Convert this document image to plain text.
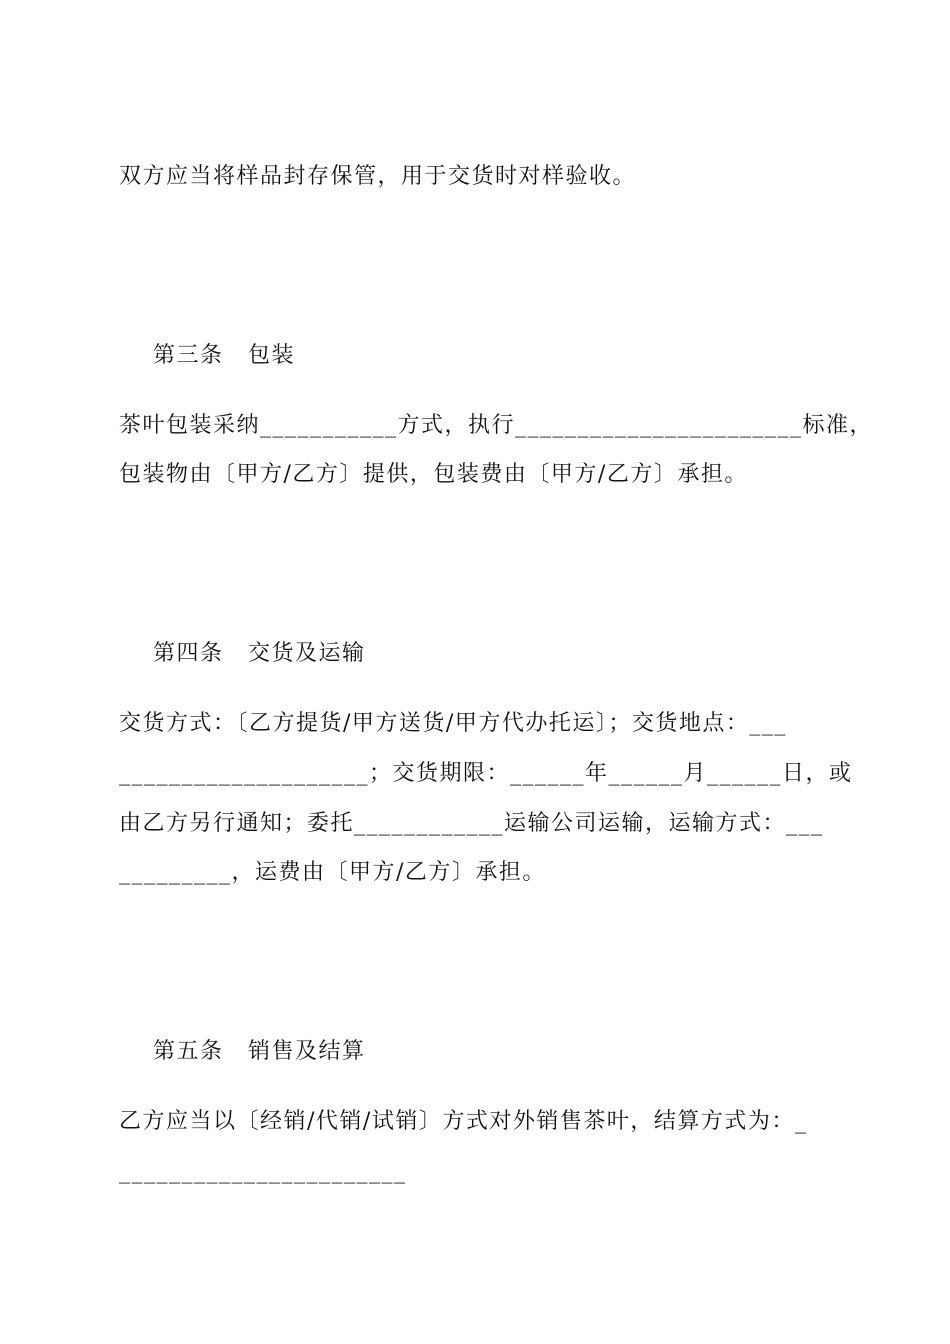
双方应当将样品封存保管，用于交货时对样验收。

第三条 包装

茶叶包装采纳___________方式，执行_______________________标准，
包装物由〔甲方/乙方〕提供，包装费由〔甲方/乙方〕承担。

第四条 交货及运输

交货方式：〔乙方提货/甲方送货/甲方代办托运〕；交货地点：___
____________________；交货期限：______年______月______日，或
由乙方另行通知；委托____________运输公司运输，运输方式：___
_________，运费由〔甲方/乙方〕承担。

第五条 销售及结算

乙方应当以〔经销/代销/试销〕方式对外销售茶叶，结算方式为：_
_______________________
